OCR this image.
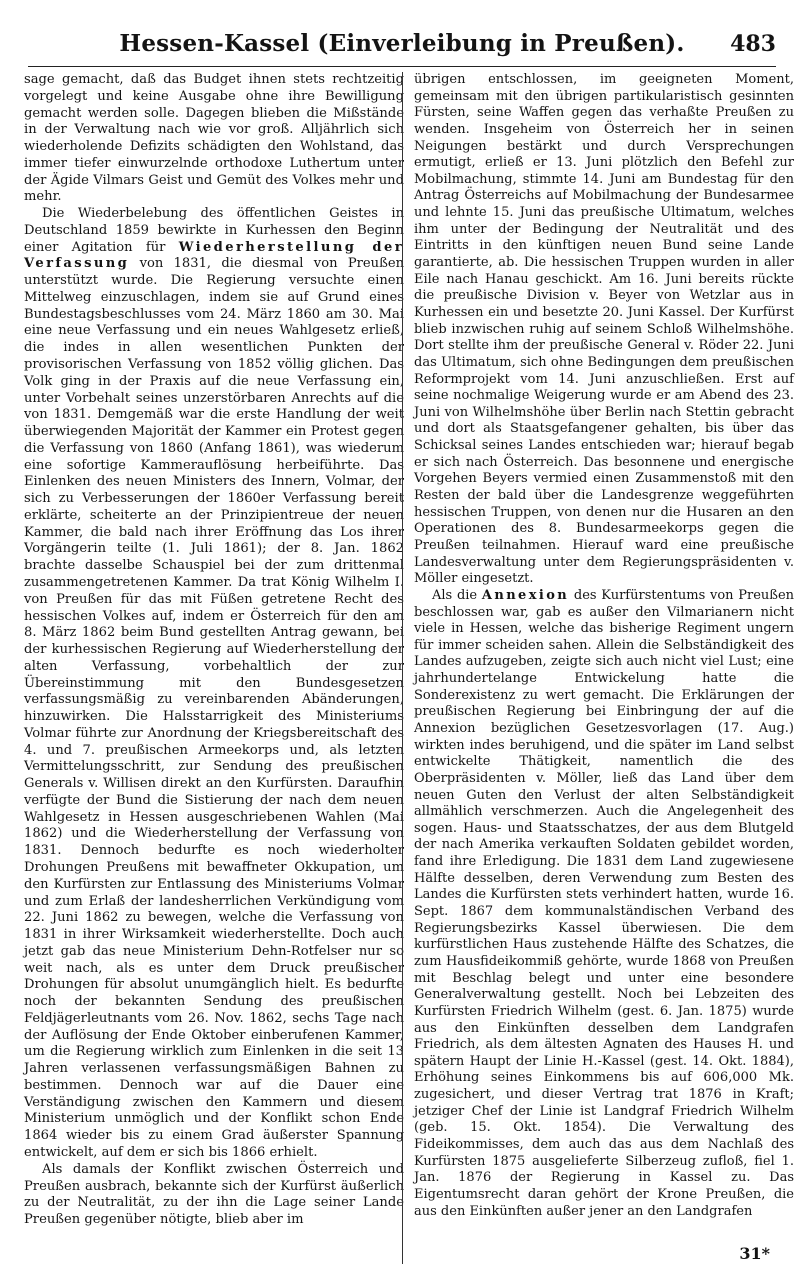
Hessen-Kassel (Einverleibung in Preußen).	483

sage gemacht, daß das Budget ihnen stets rechtzeitig vorgelegt und keine Ausgabe ohne ihre Bewilligung gemacht werden solle. Dagegen blieben die Mißstände in der Verwaltung nach wie vor groß. Alljährlich sich wiederholende Defizits schädigten den Wohlstand, das immer tiefer einwurzelnde orthodoxe Luthertum unter der Ägide Vilmars Geist und Gemüt des Volkes mehr und mehr.

Die Wiederbelebung des öffentlichen Geistes in Deutschland 1859 bewirkte in Kurhessen den Beginn einer Agitation für Wiederherstellung der Verfassung von 1831, die diesmal von Preußen unterstützt wurde. Die Regierung versuchte einen Mittelweg einzuschlagen, indem sie auf Grund eines Bundestagsbeschlusses vom 24. März 1860 am 30. Mai eine neue Verfassung und ein neues Wahlgesetz erließ, die indes in allen wesentlichen Punkten der provisorischen Verfassung von 1852 völlig glichen. Das Volk ging in der Praxis auf die neue Verfassung ein, unter Vorbehalt seines unzerstörbaren Anrechts auf die von 1831. Demgemäß war die erste Handlung der weit überwiegenden Majorität der Kammer ein Protest gegen die Verfassung von 1860 (Anfang 1861), was wiederum eine sofortige Kammerauflösung herbeiführte. Das Einlenken des neuen Ministers des Innern, Volmar, der sich zu Verbesserungen der 1860er Verfassung bereit erklärte, scheiterte an der Prinzipientreue der neuen Kammer, die bald nach ihrer Eröffnung das Los ihrer Vorgängerin teilte (1. Juli 1861); der 8. Jan. 1862 brachte dasselbe Schauspiel bei der zum drittenmal zusammengetretenen Kammer. Da trat König Wilhelm I. von Preußen für das mit Füßen getretene Recht des hessischen Volkes auf, indem er Österreich für den am 8. März 1862 beim Bund gestellten Antrag gewann, bei der kurhessischen Regierung auf Wiederherstellung der alten Verfassung, vorbehaltlich der zur Übereinstimmung mit den Bundesgesetzen verfassungsmäßig zu vereinbarenden Abänderungen, hinzuwirken. Die Halsstarrigkeit des Ministeriums Volmar führte zur Anordnung der Kriegsbereitschaft des 4. und 7. preußischen Armeekorps und, als letzten Vermittelungsschritt, zur Sendung des preußischen Generals v. Willisen direkt an den Kurfürsten. Daraufhin verfügte der Bund die Sistierung der nach dem neuen Wahlgesetz in Hessen ausgeschriebenen Wahlen (Mai 1862) und die Wiederherstellung der Verfassung von 1831. Dennoch bedurfte es noch wiederholter Drohungen Preußens mit bewaffneter Okkupation, um den Kurfürsten zur Entlassung des Ministeriums Volmar und zum Erlaß der landesherrlichen Verkündigung vom 22. Juni 1862 zu bewegen, welche die Verfassung von 1831 in ihrer Wirksamkeit wiederherstellte. Doch auch jetzt gab das neue Ministerium Dehn-Rotfelser nur so weit nach, als es unter dem Druck preußischer Drohungen für absolut unumgänglich hielt. Es bedurfte noch der bekannten Sendung des preußischen Feldjägerleutnants vom 26. Nov. 1862, sechs Tage nach der Auflösung der Ende Oktober einberufenen Kammer, um die Regierung wirklich zum Einlenken in die seit 13 Jahren verlassenen verfassungsmäßigen Bahnen zu bestimmen. Dennoch war auf die Dauer eine Verständigung zwischen den Kammern und diesem Ministerium unmöglich und der Konflikt schon Ende 1864 wieder bis zu einem Grad äußerster Spannung entwickelt, auf dem er sich bis 1866 erhielt.

Als damals der Konflikt zwischen Österreich und Preußen ausbrach, bekannte sich der Kurfürst äußerlich zu der Neutralität, zu der ihn die Lage seiner Lande Preußen gegenüber nötigte, blieb aber im

übrigen entschlossen, im geeigneten Moment, gemeinsam mit den übrigen partikularistisch gesinnten Fürsten, seine Waffen gegen das verhaßte Preußen zu wenden. Insgeheim von Österreich her in seinen Neigungen bestärkt und durch Versprechungen ermutigt, erließ er 13. Juni plötzlich den Befehl zur Mobilmachung, stimmte 14. Juni am Bundestag für den Antrag Österreichs auf Mobilmachung der Bundesarmee und lehnte 15. Juni das preußische Ultimatum, welches ihm unter der Bedingung der Neutralität und des Eintritts in den künftigen neuen Bund seine Lande garantierte, ab. Die hessischen Truppen wurden in aller Eile nach Hanau geschickt. Am 16. Juni bereits rückte die preußische Division v. Beyer von Wetzlar aus in Kurhessen ein und besetzte 20. Juni Kassel. Der Kurfürst blieb inzwischen ruhig auf seinem Schloß Wilhelmshöhe. Dort stellte ihm der preußische General v. Röder 22. Juni das Ultimatum, sich ohne Bedingungen dem preußischen Reformprojekt vom 14. Juni anzuschließen. Erst auf seine nochmalige Weigerung wurde er am Abend des 23. Juni von Wilhelmshöhe über Berlin nach Stettin gebracht und dort als Staatsgefangener gehalten, bis über das Schicksal seines Landes entschieden war; hierauf begab er sich nach Österreich. Das besonnene und energische Vorgehen Beyers vermied einen Zusammenstoß mit den Resten der bald über die Landesgrenze weggeführten hessischen Truppen, von denen nur die Husaren an den Operationen des 8. Bundesarmeekorps gegen die Preußen teilnahmen. Hierauf ward eine preußische Landesverwaltung unter dem Regierungspräsidenten v. Möller eingesetzt.

Als die Annexion des Kurfürstentums von Preußen beschlossen war, gab es außer den Vilmarianern nicht viele in Hessen, welche das bisherige Regiment ungern für immer scheiden sahen. Allein die Selbständigkeit des Landes aufzugeben, zeigte sich auch nicht viel Lust; eine jahrhundertelange Entwickelung hatte die Sonderexistenz zu wert gemacht. Die Erklärungen der preußischen Regierung bei Einbringung der auf die Annexion bezüglichen Gesetzesvorlagen (17. Aug.) wirkten indes beruhigend, und die später im Land selbst entwickelte Thätigkeit, namentlich die des Oberpräsidenten v. Möller, ließ das Land über dem neuen Guten den Verlust der alten Selbständigkeit allmählich verschmerzen. Auch die Angelegenheit des sogen. Haus- und Staatsschatzes, der aus dem Blutgeld der nach Amerika verkauften Soldaten gebildet worden, fand ihre Erledigung. Die 1831 dem Land zugewiesene Hälfte desselben, deren Verwendung zum Besten des Landes die Kurfürsten stets verhindert hatten, wurde 16. Sept. 1867 dem kommunalständischen Verband des Regierungsbezirks Kassel überwiesen. Die dem kurfürstlichen Haus zustehende Hälfte des Schatzes, die zum Hausfideikommiß gehörte, wurde 1868 von Preußen mit Beschlag belegt und unter eine besondere Generalverwaltung gestellt. Noch bei Lebzeiten des Kurfürsten Friedrich Wilhelm (gest. 6. Jan. 1875) wurde aus den Einkünften desselben dem Landgrafen Friedrich, als dem ältesten Agnaten des Hauses H. und spätern Haupt der Linie H.-Kassel (gest. 14. Okt. 1884), Erhöhung seines Einkommens bis auf 606,000 Mk. zugesichert, und dieser Vertrag trat 1876 in Kraft; jetziger Chef der Linie ist Landgraf Friedrich Wilhelm (geb. 15. Okt. 1854). Die Verwaltung des Fideikommisses, dem auch das aus dem Nachlaß des Kurfürsten 1875 ausgelieferte Silberzeug zufloß, fiel 1. Jan. 1876 der Regierung in Kassel zu. Das Eigentumsrecht daran gehört der Krone Preußen, die aus den Einkünften außer jener an den Landgrafen

31*
